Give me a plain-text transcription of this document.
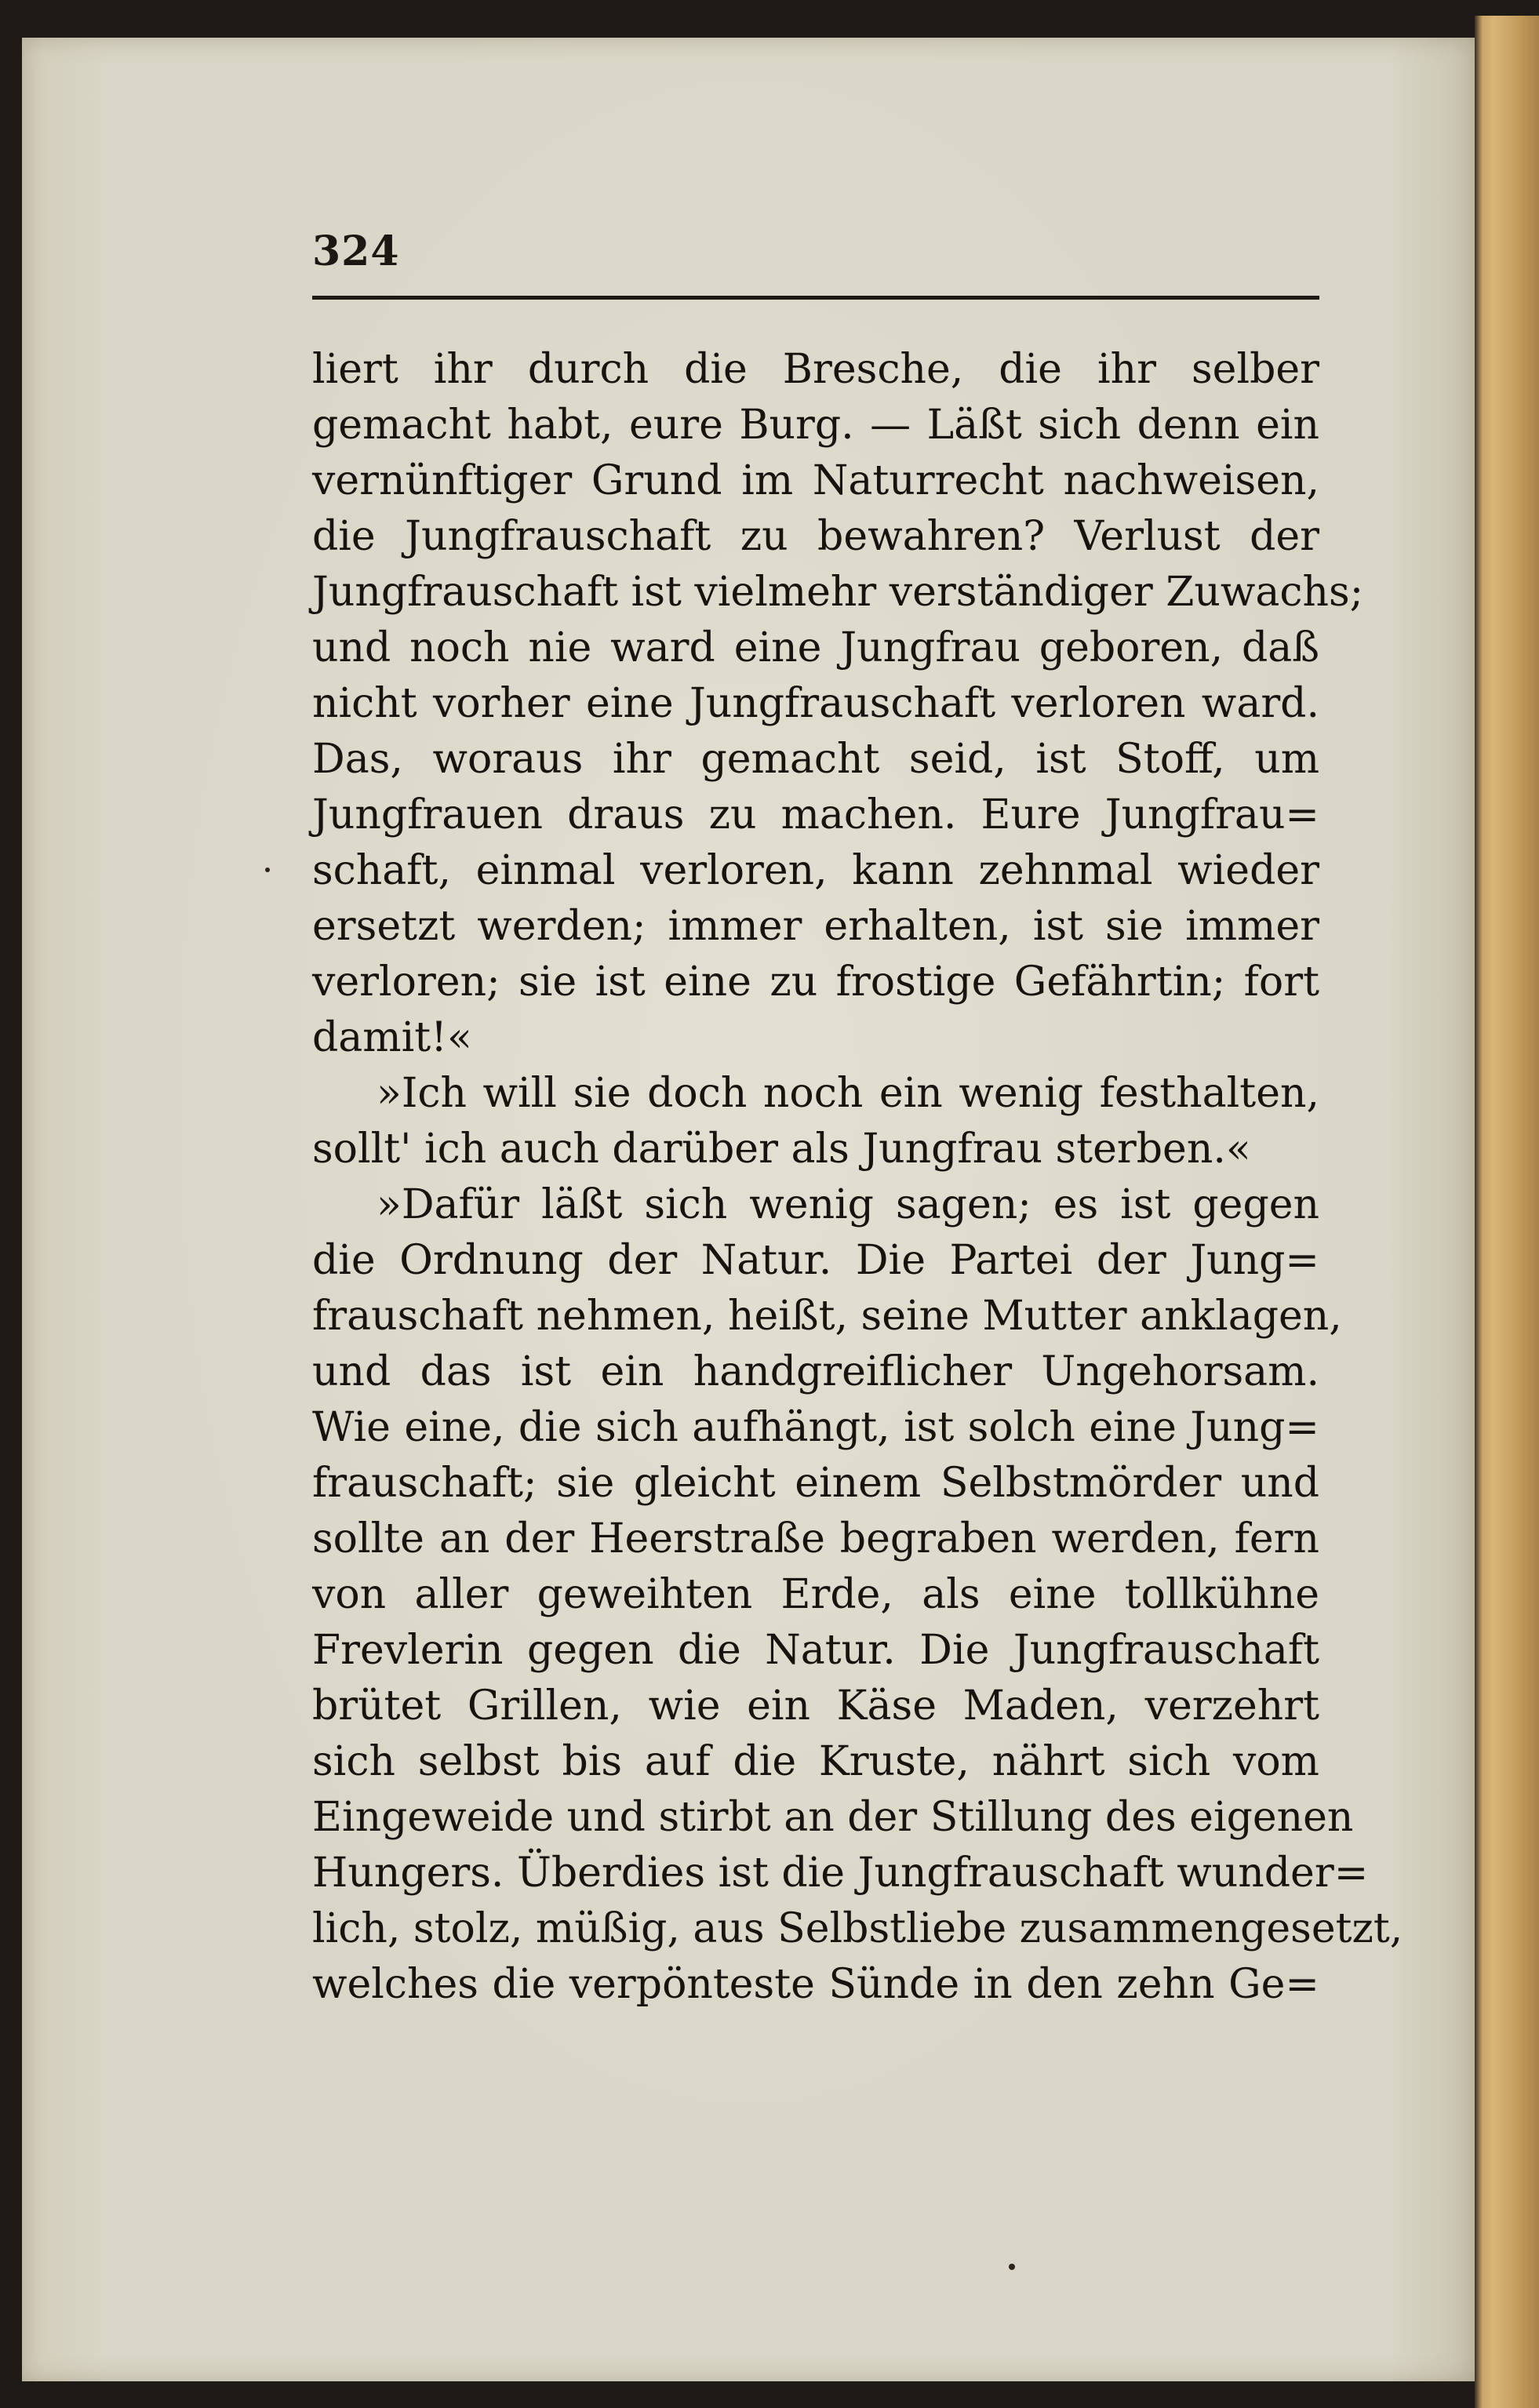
324
liert ihr durch die Bresche, die ihr selber
gemacht habt, eure Burg. — Läßt sich denn ein
vernünftiger Grund im Naturrecht nachweisen,
die Jungfrauschaft zu bewahren? Verlust der
Jungfrauschaft ist vielmehr verständiger Zuwachs;
und noch nie ward eine Jungfrau geboren, daß
nicht vorher eine Jungfrauschaft verloren ward.
Das, woraus ihr gemacht seid, ist Stoff, um
Jungfrauen draus zu machen. Eure Jungfrau=
schaft, einmal verloren, kann zehnmal wieder
ersetzt werden; immer erhalten, ist sie immer
verloren; sie ist eine zu frostige Gefährtin; fort
damit!«
»Ich will sie doch noch ein wenig festhalten,
sollt' ich auch darüber als Jungfrau sterben.«
»Dafür läßt sich wenig sagen; es ist gegen
die Ordnung der Natur. Die Partei der Jung=
frauschaft nehmen, heißt, seine Mutter anklagen,
und das ist ein handgreiflicher Ungehorsam.
Wie eine, die sich aufhängt, ist solch eine Jung=
frauschaft; sie gleicht einem Selbstmörder und
sollte an der Heerstraße begraben werden, fern
von aller geweihten Erde, als eine tollkühne
Frevlerin gegen die Natur. Die Jungfrauschaft
brütet Grillen, wie ein Käse Maden, verzehrt
sich selbst bis auf die Kruste, nährt sich vom
Eingeweide und stirbt an der Stillung des eigenen
Hungers. Überdies ist die Jungfrauschaft wunder=
lich, stolz, müßig, aus Selbstliebe zusammengesetzt,
welches die verpönteste Sünde in den zehn Ge=
